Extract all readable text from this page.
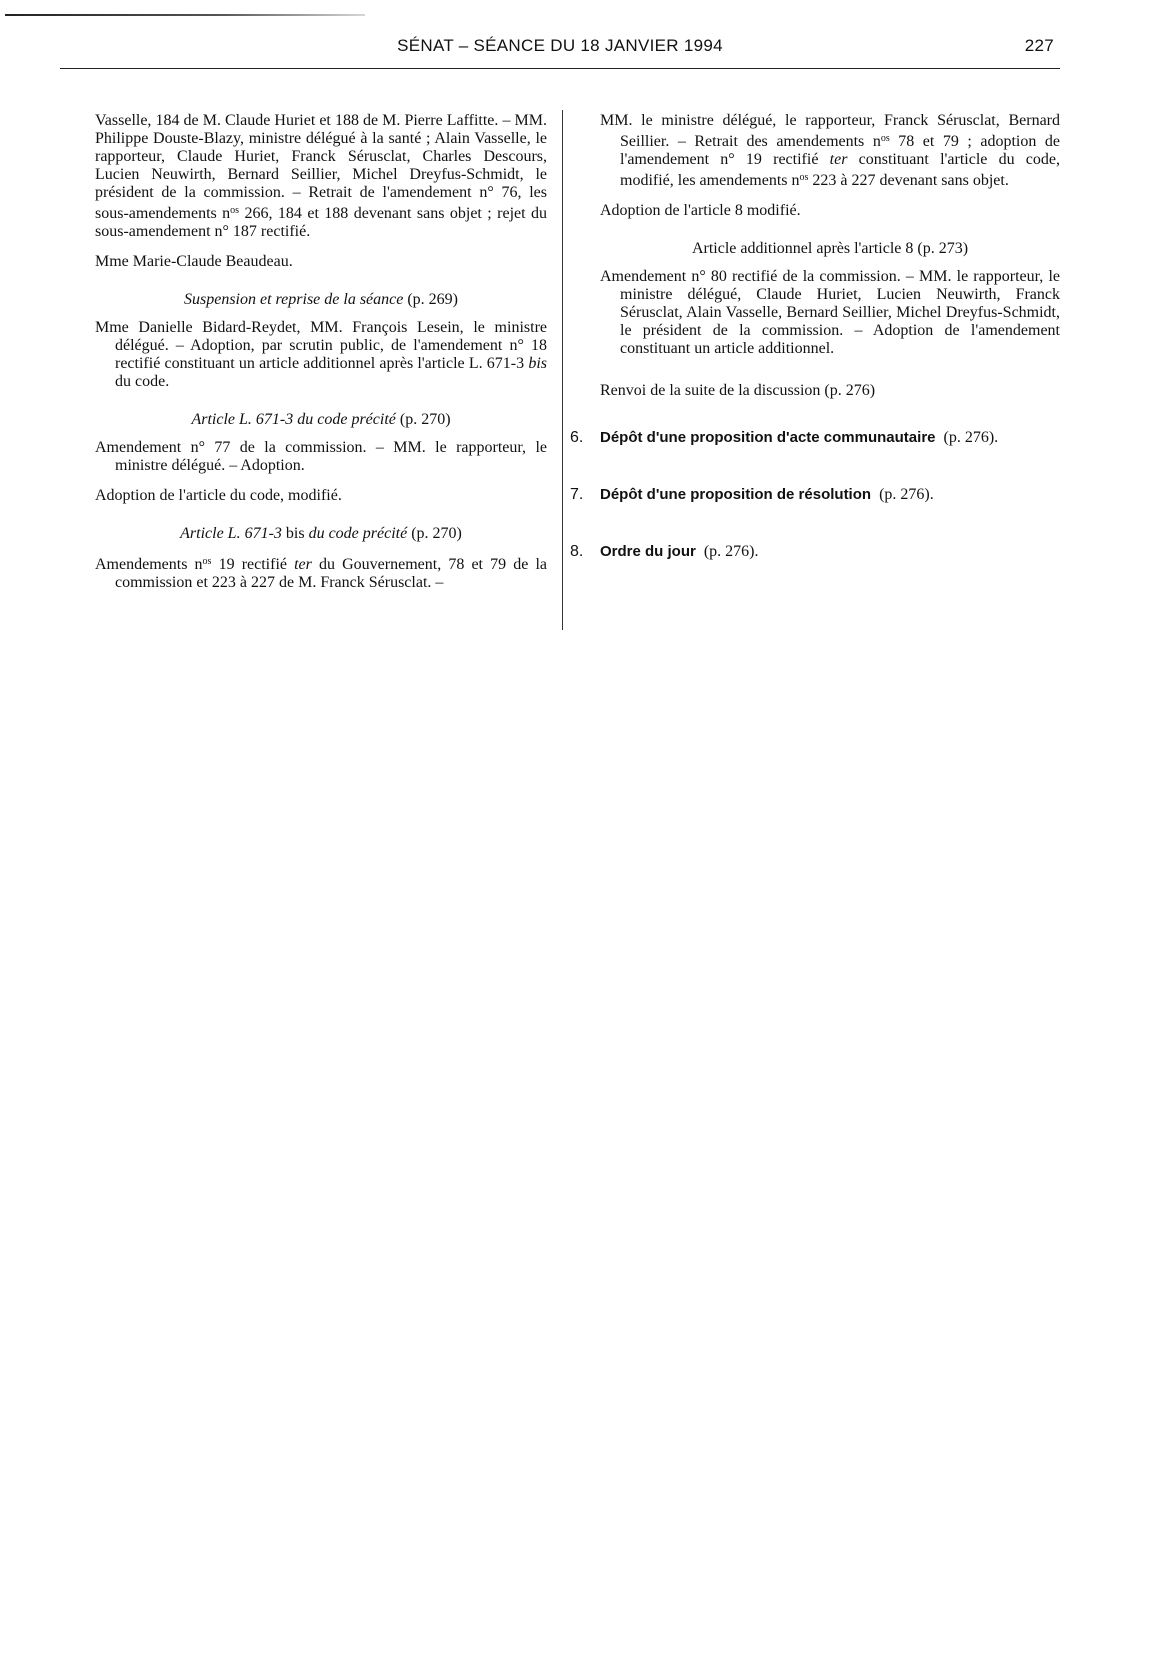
SÉNAT – SÉANCE DU 18 JANVIER 1994	227

Vasselle, 184 de M. Claude Huriet et 188 de M. Pierre Laffitte. – MM. Philippe Douste-Blazy, ministre délégué à la santé ; Alain Vasselle, le rapporteur, Claude Huriet, Franck Sérusclat, Charles Descours, Lucien Neuwirth, Bernard Seillier, Michel Dreyfus-Schmidt, le président de la commission. – Retrait de l'amendement n° 76, les sous-amendements $n^{os}$ 266, 184 et 188 devenant sans objet ; rejet du sous-amendement n° 187 rectifié.

Mme Marie-Claude Beaudeau.

Suspension et reprise de la séance (p. 269)

Mme Danielle Bidard-Reydet, MM. François Lesein, le ministre délégué. – Adoption, par scrutin public, de l'amendement n° 18 rectifié constituant un article additionnel après l'article L. 671-3 bis du code.

Article L. 671-3 du code précité (p. 270)

Amendement n° 77 de la commission. – MM. le rapporteur, le ministre délégué. – Adoption.

Adoption de l'article du code, modifié.

Article L. 671-3 bis du code précité (p. 270)

Amendements $n^{os}$ 19 rectifié ter du Gouvernement, 78 et 79 de la commission et 223 à 227 de M. Franck Sérusclat. –

MM. le ministre délégué, le rapporteur, Franck Sérusclat, Bernard Seillier. – Retrait des amendements $n^{os}$ 78 et 79 ; adoption de l'amendement n° 19 rectifié ter constituant l'article du code, modifié, les amendements $n^{os}$ 223 à 227 devenant sans objet.

Adoption de l'article 8 modifié.

Article additionnel après l'article 8 (p. 273)

Amendement n° 80 rectifié de la commission. – MM. le rapporteur, le ministre délégué, Claude Huriet, Lucien Neuwirth, Franck Sérusclat, Alain Vasselle, Bernard Seillier, Michel Dreyfus-Schmidt, le président de la commission. – Adoption de l'amendement constituant un article additionnel.

Renvoi de la suite de la discussion (p. 276)

6. Dépôt d'une proposition d'acte communautaire (p. 276).
7. Dépôt d'une proposition de résolution (p. 276).
8. Ordre du jour (p. 276).
